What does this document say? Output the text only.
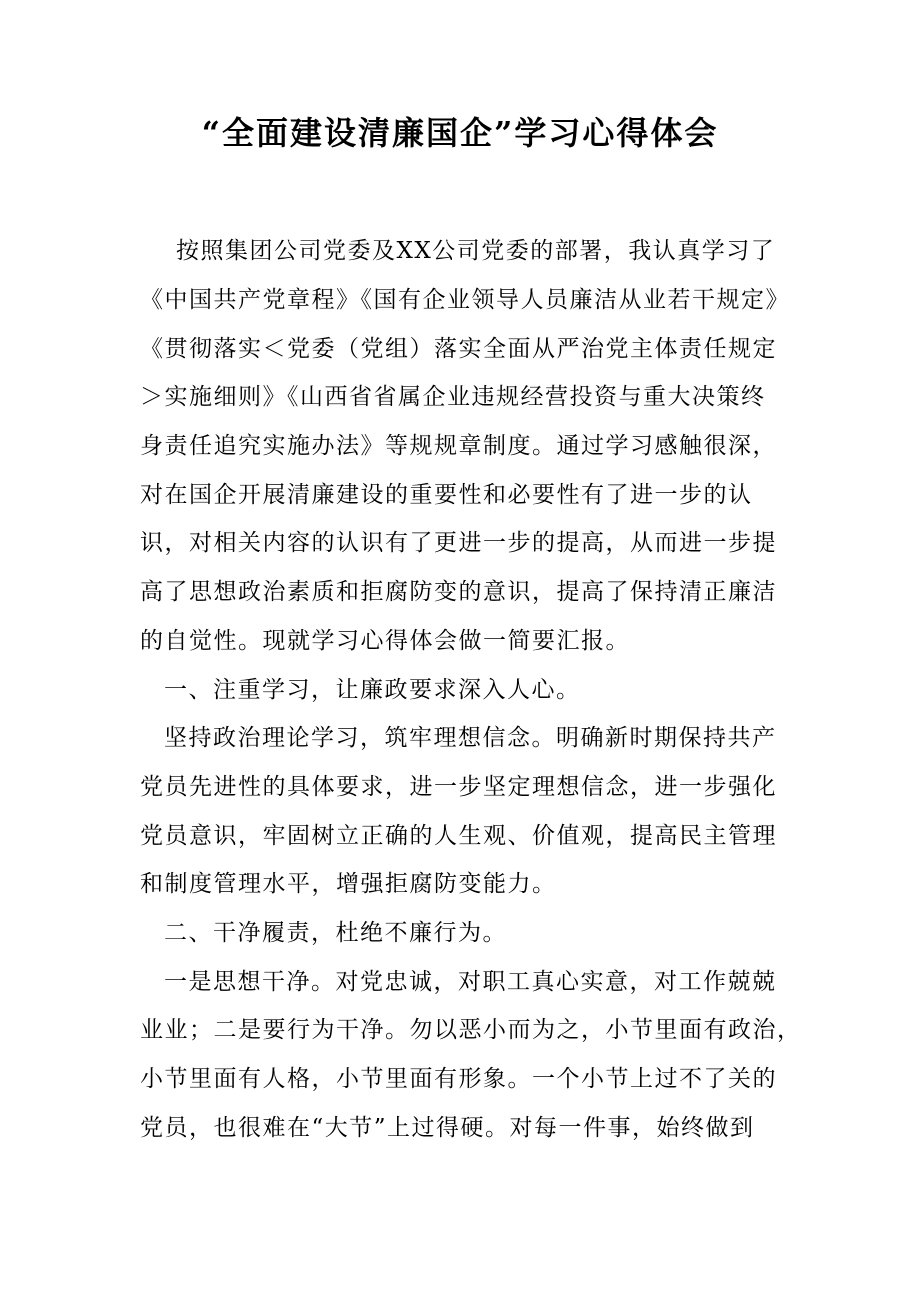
“全面建设清廉国企”学习心得体会
按照集团公司党委及XX公司党委的部署，我认真学习了
《中国共产党章程》《国有企业领导人员廉洁从业若干规定》
《贯彻落实＜党委（党组）落实全面从严治党主体责任规定
＞实施细则》《山西省省属企业违规经营投资与重大决策终
身责任追究实施办法》等规规章制度。通过学习感触很深，
对在国企开展清廉建设的重要性和必要性有了进一步的认
识，对相关内容的认识有了更进一步的提高，从而进一步提
高了思想政治素质和拒腐防变的意识，提高了保持清正廉洁
的自觉性。现就学习心得体会做一简要汇报。
一、注重学习，让廉政要求深入人心。
坚持政治理论学习，筑牢理想信念。明确新时期保持共产
党员先进性的具体要求，进一步坚定理想信念，进一步强化
党员意识，牢固树立正确的人生观、价值观，提高民主管理
和制度管理水平，增强拒腐防变能力。
二、干净履责，杜绝不廉行为。
一是思想干净。对党忠诚，对职工真心实意，对工作兢兢
业业；二是要行为干净。勿以恶小而为之，小节里面有政治，
小节里面有人格，小节里面有形象。一个小节上过不了关的
党员，也很难在“大节”上过得硬。对每一件事，始终做到
